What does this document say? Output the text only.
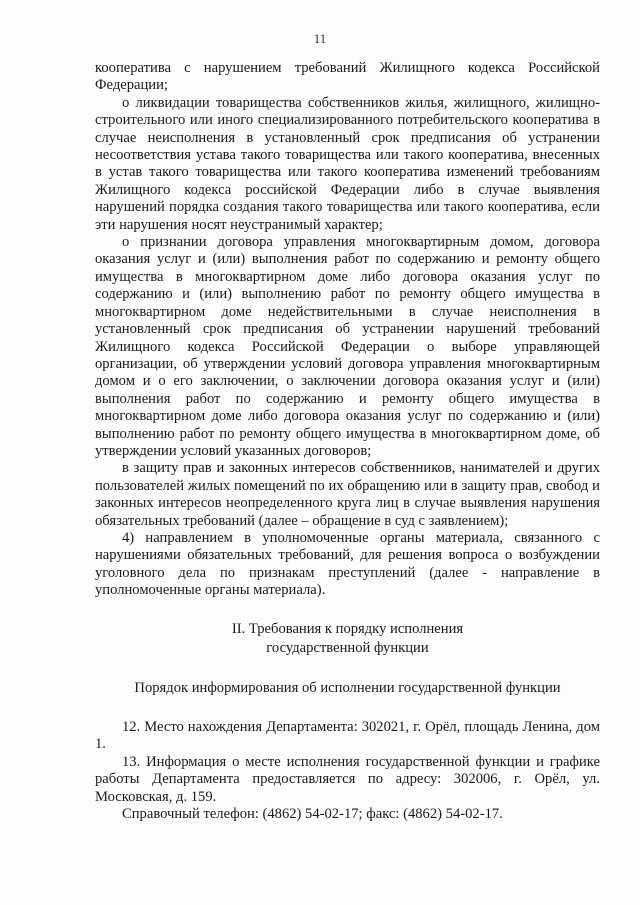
11

кооператива с нарушением требований Жилищного кодекса Российской Федерации;

о ликвидации товарищества собственников жилья, жилищного, жилищно-строительного или иного специализированного потребительского кооператива в случае неисполнения в установленный срок предписания об устранении несоответствия устава такого товарищества или такого кооператива, внесенных в устав такого товарищества или такого кооператива изменений требованиям Жилищного кодекса российской Федерации либо в случае выявления нарушений порядка создания такого товарищества или такого кооператива, если эти нарушения носят неустранимый характер;

о признании договора управления многоквартирным домом, договора оказания услуг и (или) выполнения работ по содержанию и ремонту общего имущества в многоквартирном доме либо договора оказания услуг по содержанию и (или) выполнению работ по ремонту общего имущества в многоквартирном доме недействительными в случае неисполнения в установленный срок предписания об устранении нарушений требований Жилищного кодекса Российской Федерации о выборе управляющей организации, об утверждении условий договора управления многоквартирным домом и о его заключении, о заключении договора оказания услуг и (или) выполнения работ по содержанию и ремонту общего имущества в многоквартирном доме либо договора оказания услуг по содержанию и (или) выполнению работ по ремонту общего имущества в многоквартирном доме, об утверждении условий указанных договоров;

в защиту прав и законных интересов собственников, нанимателей и других пользователей жилых помещений по их обращению или в защиту прав, свобод и законных интересов неопределенного круга лиц в случае выявления нарушения обязательных требований (далее – обращение в суд с заявлением);

4) направлением в уполномоченные органы материала, связанного с нарушениями обязательных требований, для решения вопроса о возбуждении уголовного дела по признакам преступлений (далее - направление в уполномоченные органы материала).

II. Требования к порядку исполнения
государственной функции

Порядок информирования об исполнении государственной функции

12. Место нахождения Департамента: 302021, г. Орёл, площадь Ленина, дом 1.

13. Информация о месте исполнения государственной функции и графике работы Департамента предоставляется по адресу: 302006, г. Орёл, ул. Московская, д. 159.

Справочный телефон: (4862) 54-02-17; факс: (4862) 54-02-17.
